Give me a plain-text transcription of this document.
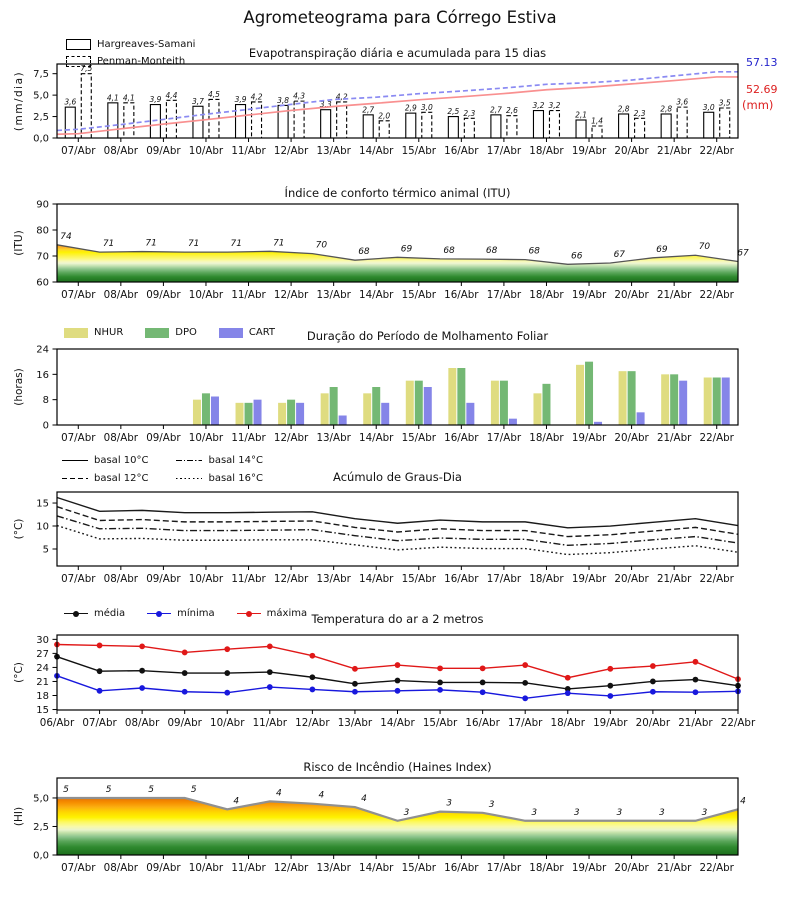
Agrometeograma para Córrego Estiva
Hargreaves-Samani
Penman-Monteith
Evapotranspiração diária e acumulada para 15 dias
57.13
52.69
(mm)
Índice de conforto térmico animal (ITU)
NHUR	DPO	CART	Duração do Período de Molhamento Foliar
basal 10°C
basal 12°C
basal 14°C
basal 16°C	Acúmulo de Graus-Dia
média	mínima	máxima Temperatura do ar a 2 metros
Risco de Incêndio (Haines Index)
3,6	4,1	3,9	3,7	3,9	3,8	3,3
2,7	2,9	2,5	2,7	3,2
2,1
2,8	2,8	3,0
7,5
4,1	4,4	4,5	4,2	4,3	4,2
2,0
3,0
2,3	2,6
3,2
1,4
2,3
3,6	3,5
0,0
2,5
5,0
7,5
(mm/dia)
07/Abr 08/Abr 09/Abr 10/Abr 11/Abr 12/Abr 13/Abr 14/Abr 15/Abr 16/Abr 17/Abr 18/Abr 19/Abr 20/Abr 21/Abr 22/Abr
74
71	71	71	71	71	70
68	69	68	68	68	66	67
69	70
67
60
70
80
90
(ITU)
07/Abr 08/Abr 09/Abr 10/Abr 11/Abr 12/Abr 13/Abr 14/Abr 15/Abr 16/Abr 17/Abr 18/Abr 19/Abr 20/Abr 21/Abr 22/Abr
0
8
16
24
(horas)
07/Abr 08/Abr 09/Abr 10/Abr 11/Abr 12/Abr 13/Abr 14/Abr 15/Abr 16/Abr 17/Abr 18/Abr 19/Abr 20/Abr 21/Abr 22/Abr
5
10
15
(°C)
07/Abr 08/Abr 09/Abr 10/Abr 11/Abr 12/Abr 13/Abr 14/Abr 15/Abr 16/Abr 17/Abr 18/Abr 19/Abr 20/Abr 21/Abr 22/Abr
15
18
21
24
27
30
(°C)
06/Abr 07/Abr 08/Abr 09/Abr 10/Abr 11/Abr 12/Abr 13/Abr 14/Abr 15/Abr 16/Abr 17/Abr 18/Abr 19/Abr 20/Abr 21/Abr 22/Abr
5	5	5	5
4
4	4	4
3
3	3
3	3	3	3	3
4
0,0
2,5
5,0
(HI)
07/Abr 08/Abr 09/Abr 10/Abr 11/Abr 12/Abr 13/Abr 14/Abr 15/Abr 16/Abr 17/Abr 18/Abr 19/Abr 20/Abr 21/Abr 22/Abr
